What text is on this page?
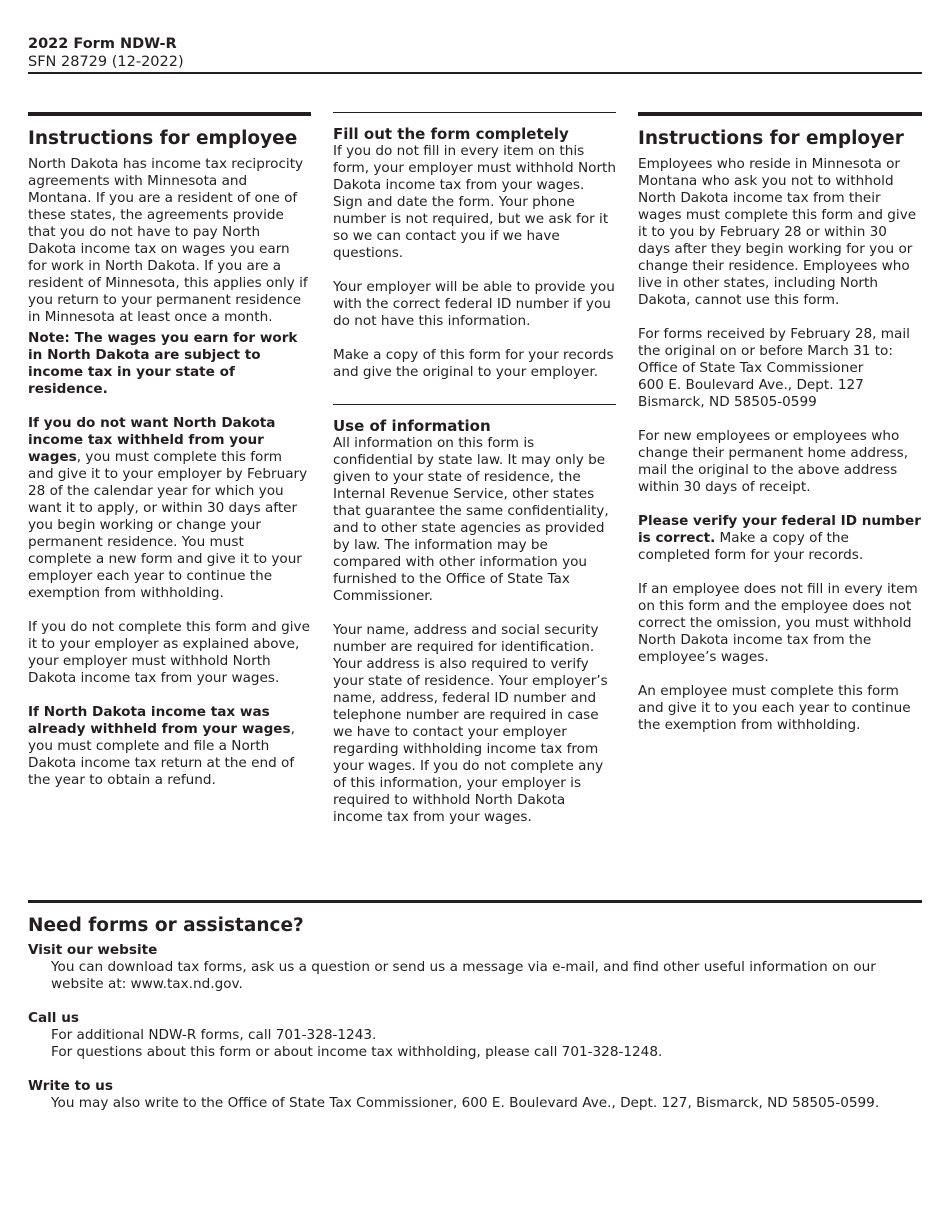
2022 Form NDW-R
SFN 28729 (12-2022)
Instructions for employee

North Dakota has income tax reciprocity agreements with Minnesota and Montana. If you are a resident of one of these states, the agreements provide that you do not have to pay North Dakota income tax on wages you earn for work in North Dakota. If you are a resident of Minnesota, this applies only if you return to your permanent residence in Minnesota at least once a month.

Note: The wages you earn for work in North Dakota are subject to income tax in your state of residence.

If you do not want North Dakota income tax withheld from your wages, you must complete this form and give it to your employer by February 28 of the calendar year for which you want it to apply, or within 30 days after you begin working or change your permanent residence. You must complete a new form and give it to your employer each year to continue the exemption from withholding.

If you do not complete this form and give it to your employer as explained above, your employer must withhold North Dakota income tax from your wages.

If North Dakota income tax was already withheld from your wages, you must complete and file a North Dakota income tax return at the end of the year to obtain a refund.

Fill out the form completely

If you do not fill in every item on this form, your employer must withhold North Dakota income tax from your wages. Sign and date the form. Your phone number is not required, but we ask for it so we can contact you if we have questions.

Your employer will be able to provide you with the correct federal ID number if you do not have this information.

Make a copy of this form for your records and give the original to your employer.

Use of information

All information on this form is confidential by state law. It may only be given to your state of residence, the Internal Revenue Service, other states that guarantee the same confidentiality, and to other state agencies as provided by law. The information may be compared with other information you furnished to the Office of State Tax Commissioner.

Your name, address and social security number are required for identification. Your address is also required to verify your state of residence. Your employer’s name, address, federal ID number and telephone number are required in case we have to contact your employer regarding withholding income tax from your wages. If you do not complete any of this information, your employer is required to withhold North Dakota income tax from your wages.

Instructions for employer

Employees who reside in Minnesota or Montana who ask you not to withhold North Dakota income tax from their wages must complete this form and give it to you by February 28 or within 30 days after they begin working for you or change their residence. Employees who live in other states, including North Dakota, cannot use this form.

For forms received by February 28, mail the original on or before March 31 to:

Office of State Tax Commissioner

600 E. Boulevard Ave., Dept. 127

Bismarck, ND 58505-0599

For new employees or employees who change their permanent home address, mail the original to the above address within 30 days of receipt.

Please verify your federal ID number is correct. Make a copy of the completed form for your records.

If an employee does not fill in every item on this form and the employee does not correct the omission, you must withhold North Dakota income tax from the employee’s wages.

An employee must complete this form and give it to you each year to continue the exemption from withholding.

Need forms or assistance?

Visit our website

You can download tax forms, ask us a question or send us a message via e-mail, and find other useful information on our website at: www.tax.nd.gov.

Call us

For additional NDW-R forms, call 701-328-1243.

For questions about this form or about income tax withholding, please call 701-328-1248.

Write to us

You may also write to the Office of State Tax Commissioner, 600 E. Boulevard Ave., Dept. 127, Bismarck, ND 58505-0599.
